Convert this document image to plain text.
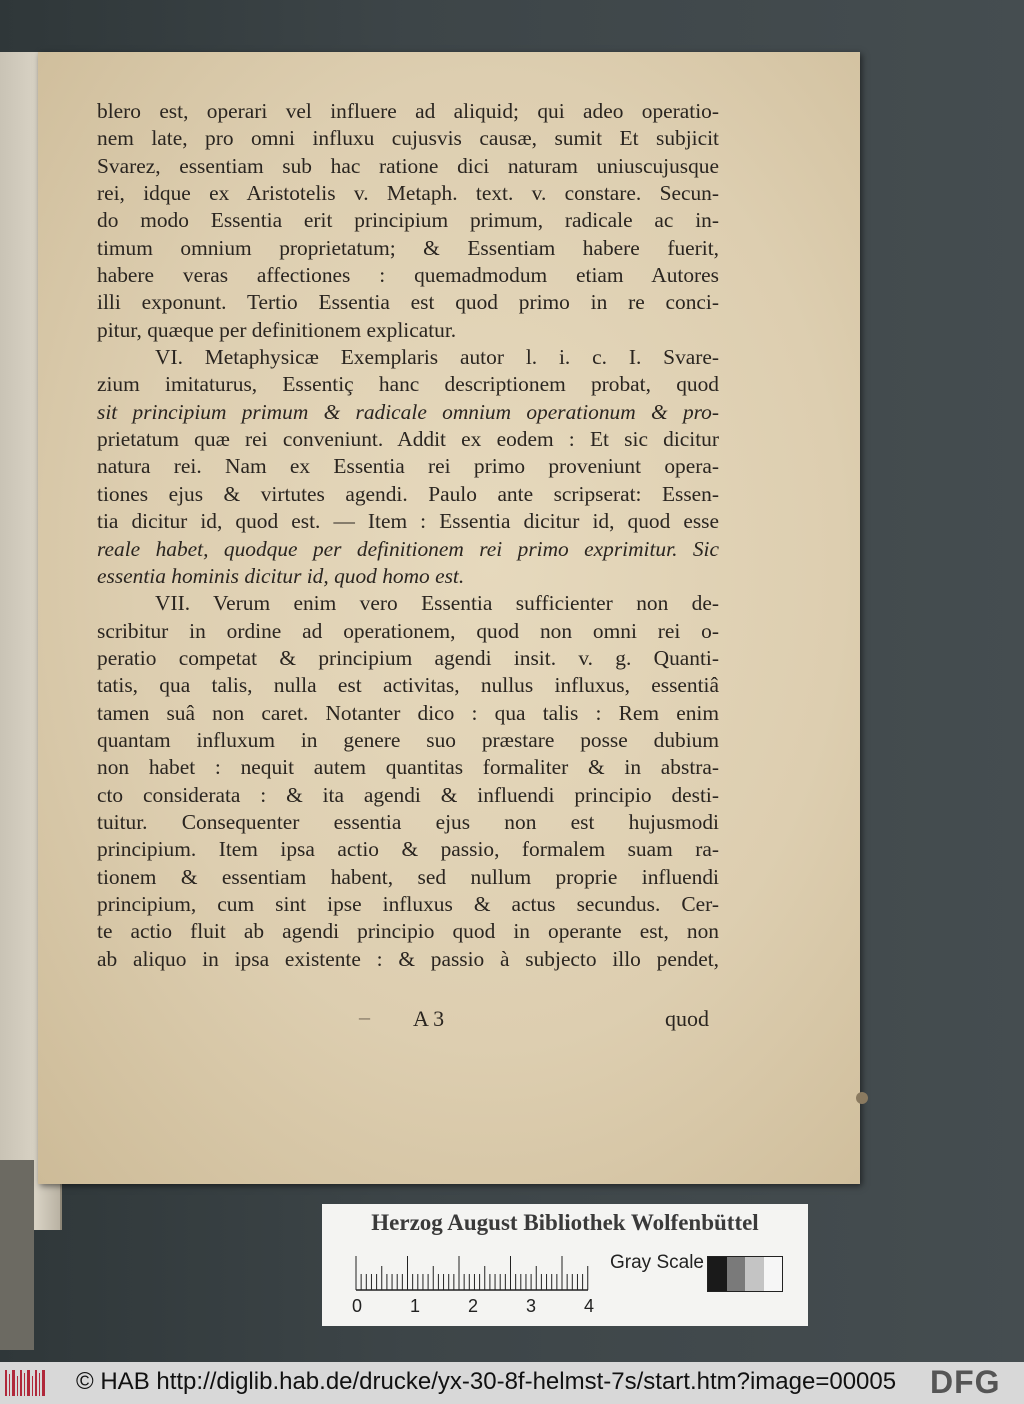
blero est, operari vel influere ad aliquid; qui adeo operatio-
nem late, pro omni influxu cujusvis causæ, sumit Et subjicit
Svarez, essentiam sub hac ratione dici naturam uniuscujusque
rei, idque ex Aristotelis v. Metaph. text. v. constare. Secun-
do modo Essentia erit principium primum, radicale ac in-
timum omnium proprietatum; & Essentiam habere fuerit,
habere veras affectiones : quemadmodum etiam Autores
illi exponunt. Tertio Essentia est quod primo in re conci-
pitur, quæque per definitionem explicatur.
VI. Metaphysicæ Exemplaris autor l. i. c. I. Svare-
zium imitaturus, Essentiç hanc descriptionem probat, quod
sit principium primum & radicale omnium operationum & pro-
prietatum quæ rei conveniunt. Addit ex eodem : Et sic dicitur
natura rei. Nam ex Essentia rei primo proveniunt opera-
tiones ejus & virtutes agendi. Paulo ante scripserat: Essen-
tia dicitur id, quod est. — Item : Essentia dicitur id, quod esse
reale habet, quodque per definitionem rei primo exprimitur. Sic
essentia hominis dicitur id, quod homo est.
VII. Verum enim vero Essentia sufficienter non de-
scribitur in ordine ad operationem, quod non omni rei o-
peratio competat & principium agendi insit. v. g. Quanti-
tatis, qua talis, nulla est activitas, nullus influxus, essentiâ
tamen suâ non caret. Notanter dico : qua talis : Rem enim
quantam influxum in genere suo præstare posse dubium
non habet : nequit autem quantitas formaliter & in abstra-
cto considerata : & ita agendi & influendi principio desti-
tuitur. Consequenter essentia ejus non est hujusmodi
principium. Item ipsa actio & passio, formalem suam ra-
tionem & essentiam habent, sed nullum proprie influendi
principium, cum sint ipse influxus & actus secundus. Cer-
te actio fluit ab agendi principio quod in operante est, non
ab aliquo in ipsa existente : & passio à subjecto illo pendet,
– A 3	quod
Herzog August Bibliothek Wolfenbüttel
0	1	2	3	4
Gray Scale
© HAB http://diglib.hab.de/drucke/yx-30-8f-helmst-7s/start.htm?image=00005 DFG
